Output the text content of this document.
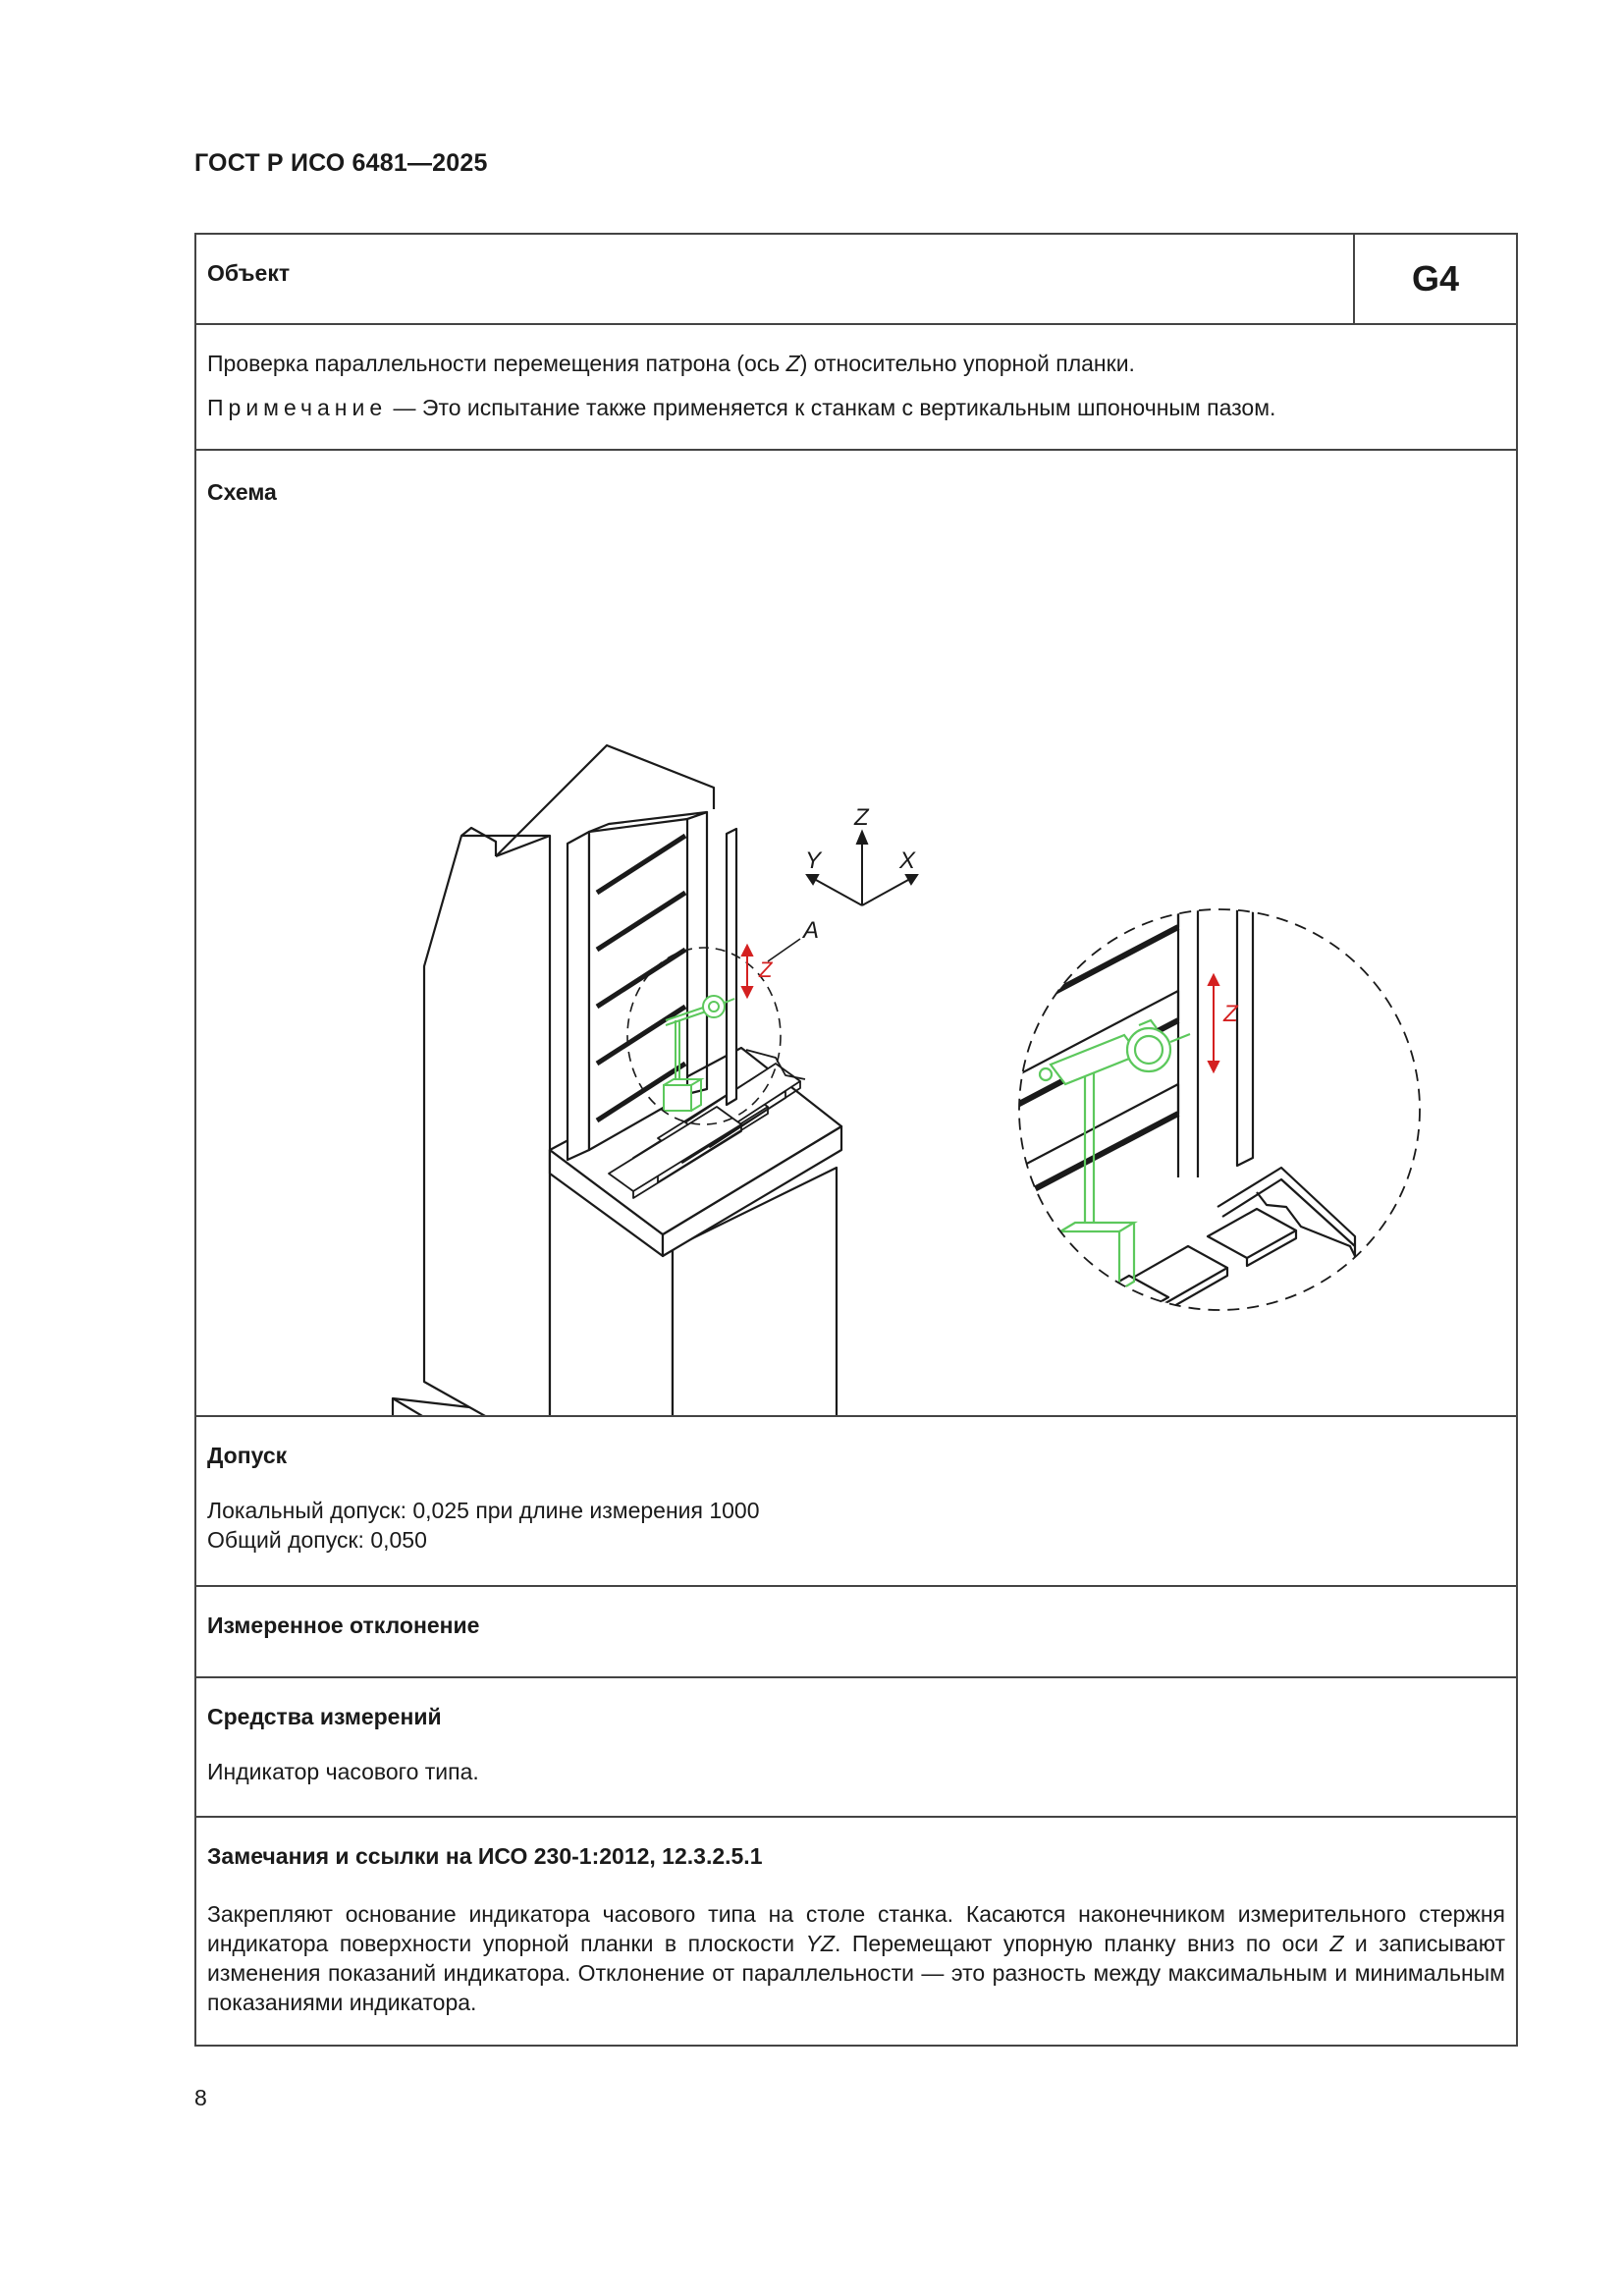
ГОСТ Р ИСО 6481—2025
Объект	G4
Проверка параллельности перемещения патрона (ось Z) относительно упорной планки.
Примечание — Это испытание также применяется к станкам с вертикальным шпоночным пазом.
Схема
A
Z
Z
Y	X
Z
Допуск
Локальный допуск: 0,025 при длине измерения 1000
Общий допуск: 0,050
Измеренное отклонение
Средства измерений
Индикатор часового типа.
Замечания и ссылки на ИСО 230-1:2012, 12.3.2.5.1
Закрепляют основание индикатора часового типа на столе станка. Касаются наконечником измерительного стержня индикатора поверхности упорной планки в плоскости YZ. Перемещают упорную планку вниз по оси Z и записывают изменения показаний индикатора. Отклонение от параллельности — это разность между максимальным и минимальным показаниями индикатора.
8
